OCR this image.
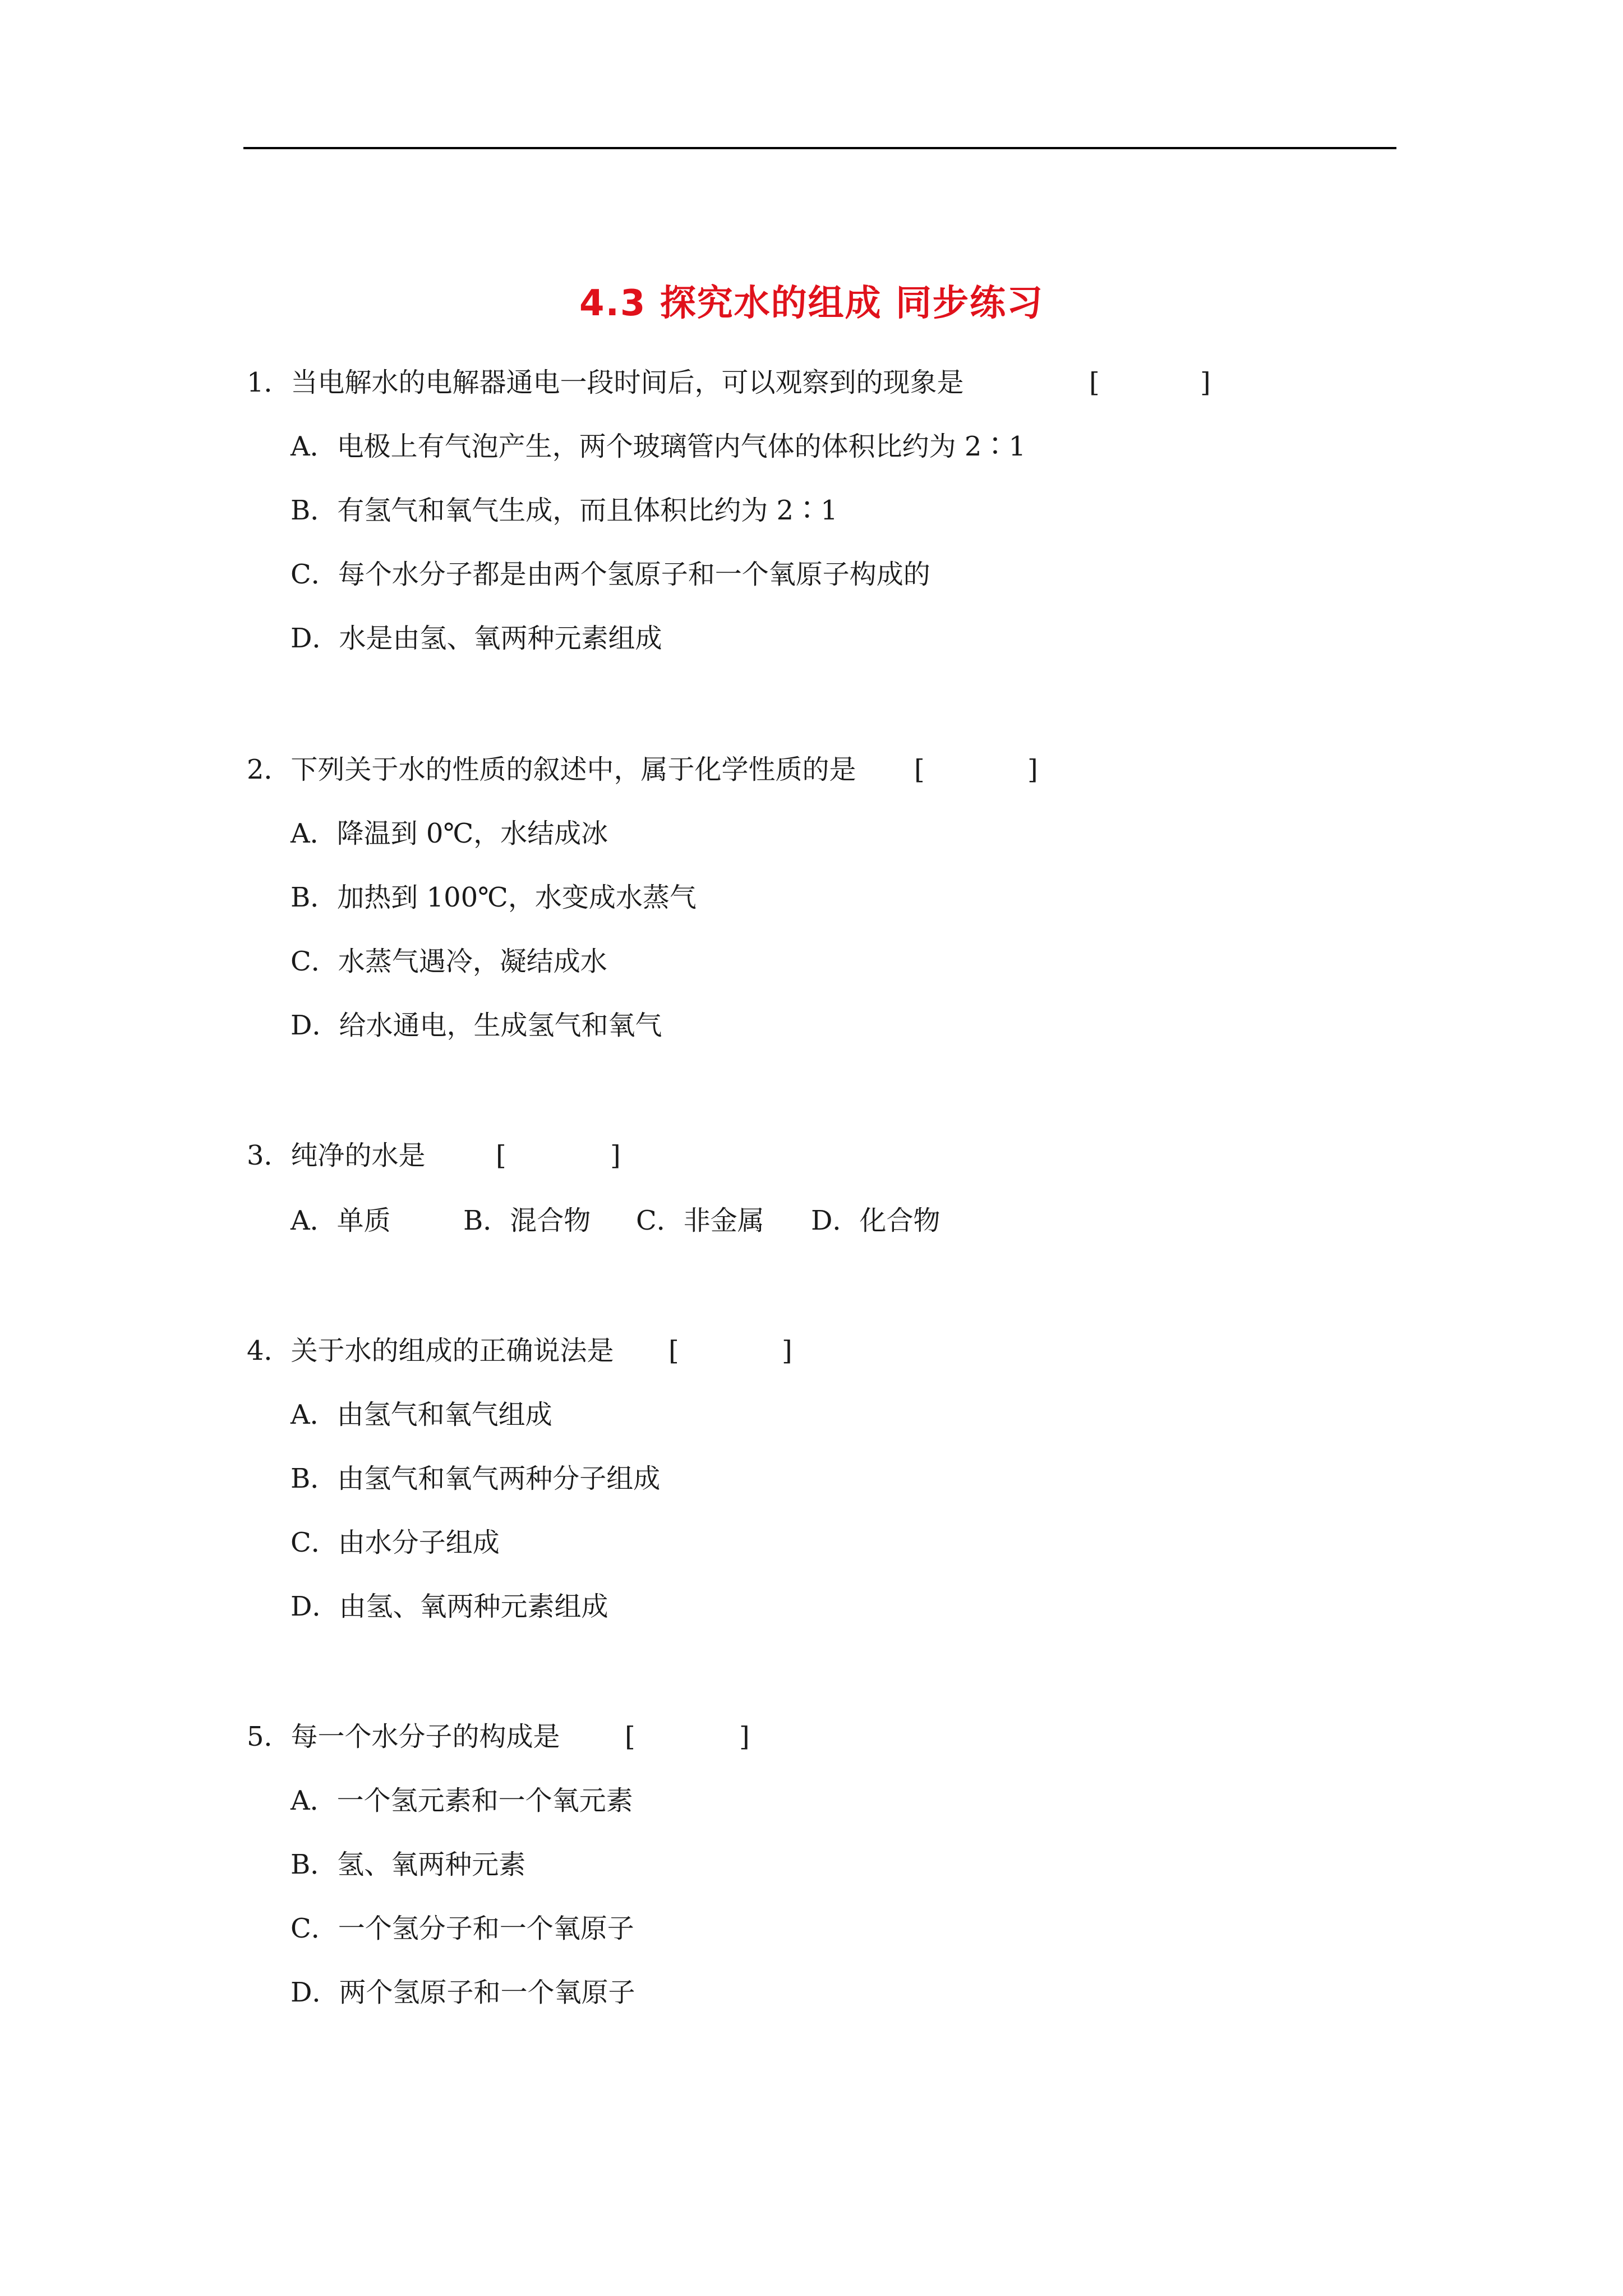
4.3 探究水的组成 同步练习
1．当电解水的电解器通电一段时间后，可以观察到的现象是	[	]
A．电极上有气泡产生，两个玻璃管内气体的体积比约为 2∶1
B．有氢气和氧气生成，而且体积比约为 2∶1
C．每个水分子都是由两个氢原子和一个氧原子构成的
D．水是由氢、氧两种元素组成
2．下列关于水的性质的叙述中，属于化学性质的是 [	]
A．降温到 0℃，水结成冰
B．加热到 100℃，水变成水蒸气
C．水蒸气遇冷，凝结成水
D．给水通电，生成氢气和氧气
3．纯净的水是	[	]
A．单质	B．混合物 C．非金属 D．化合物
4．关于水的组成的正确说法是 [	]
A．由氢气和氧气组成
B．由氢气和氧气两种分子组成
C．由水分子组成
D．由氢、氧两种元素组成
5．每一个水分子的构成是 [	]
A．一个氢元素和一个氧元素
B．氢、氧两种元素
C．一个氢分子和一个氧原子
D．两个氢原子和一个氧原子
